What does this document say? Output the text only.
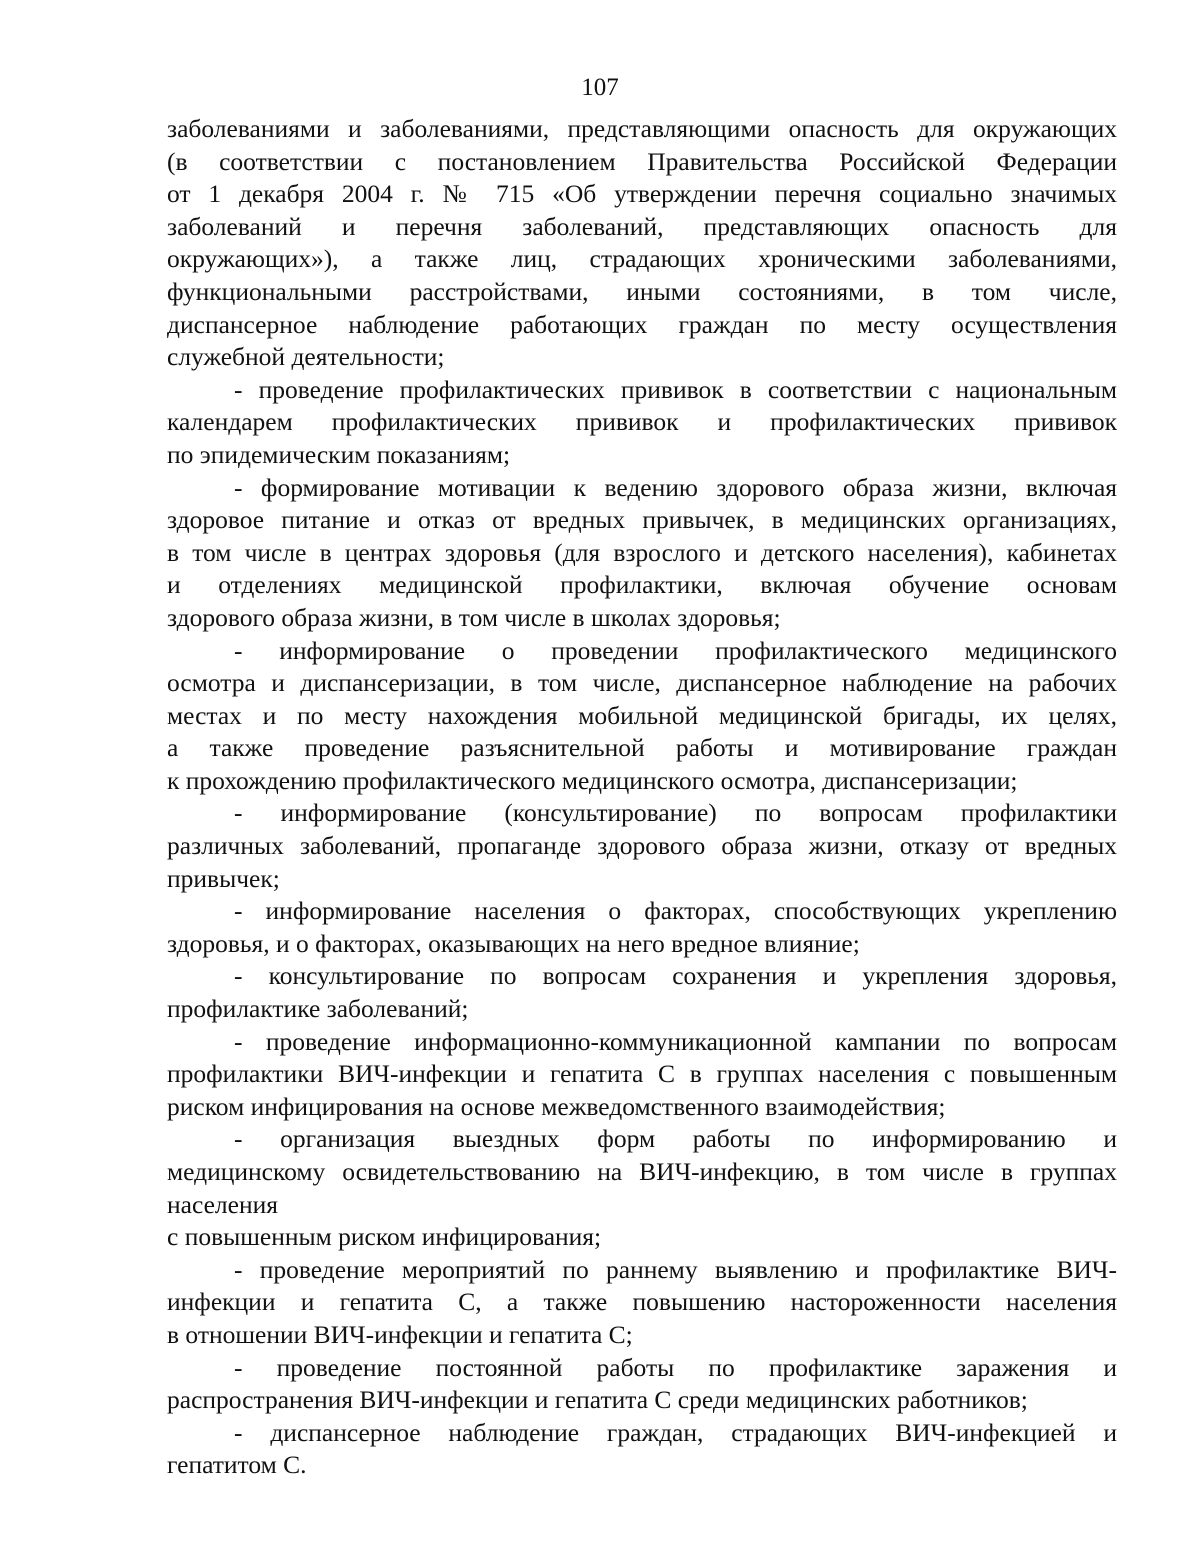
107
заболеваниями и заболеваниями, представляющими опасность для окружающих
(в соответствии с постановлением Правительства Российской Федерации
от 1 декабря 2004 г. № 715 «Об утверждении перечня социально значимых
заболеваний и перечня заболеваний, представляющих опасность для
окружающих»), а также лиц, страдающих хроническими заболеваниями,
функциональными расстройствами, иными состояниями, в том числе,
диспансерное наблюдение работающих граждан по месту осуществления
служебной деятельности;
- проведение профилактических прививок в соответствии с национальным
календарем профилактических прививок и профилактических прививок
по эпидемическим показаниям;
- формирование мотивации к ведению здорового образа жизни, включая
здоровое питание и отказ от вредных привычек, в медицинских организациях,
в том числе в центрах здоровья (для взрослого и детского населения), кабинетах
и отделениях медицинской профилактики, включая обучение основам
здорового образа жизни, в том числе в школах здоровья;
- информирование о проведении профилактического медицинского
осмотра и диспансеризации, в том числе, диспансерное наблюдение на рабочих
местах и по месту нахождения мобильной медицинской бригады, их целях,
а также проведение разъяснительной работы и мотивирование граждан
к прохождению профилактического медицинского осмотра, диспансеризации;
- информирование (консультирование) по вопросам профилактики
различных заболеваний, пропаганде здорового образа жизни, отказу от вредных
привычек;
- информирование населения о факторах, способствующих укреплению
здоровья, и о факторах, оказывающих на него вредное влияние;
- консультирование по вопросам сохранения и укрепления здоровья,
профилактике заболеваний;
- проведение информационно-коммуникационной кампании по вопросам
профилактики ВИЧ-инфекции и гепатита С в группах населения с повышенным
риском инфицирования на основе межведомственного взаимодействия;
- организация выездных форм работы по информированию и
медицинскому освидетельствованию на ВИЧ-инфекцию, в том числе в группах
населения
с повышенным риском инфицирования;
- проведение мероприятий по раннему выявлению и профилактике ВИЧ-
инфекции и гепатита С, а также повышению настороженности населения
в отношении ВИЧ-инфекции и гепатита С;
- проведение постоянной работы по профилактике заражения и
распространения ВИЧ-инфекции и гепатита С среди медицинских работников;
- диспансерное наблюдение граждан, страдающих ВИЧ-инфекцией и
гепатитом С.
